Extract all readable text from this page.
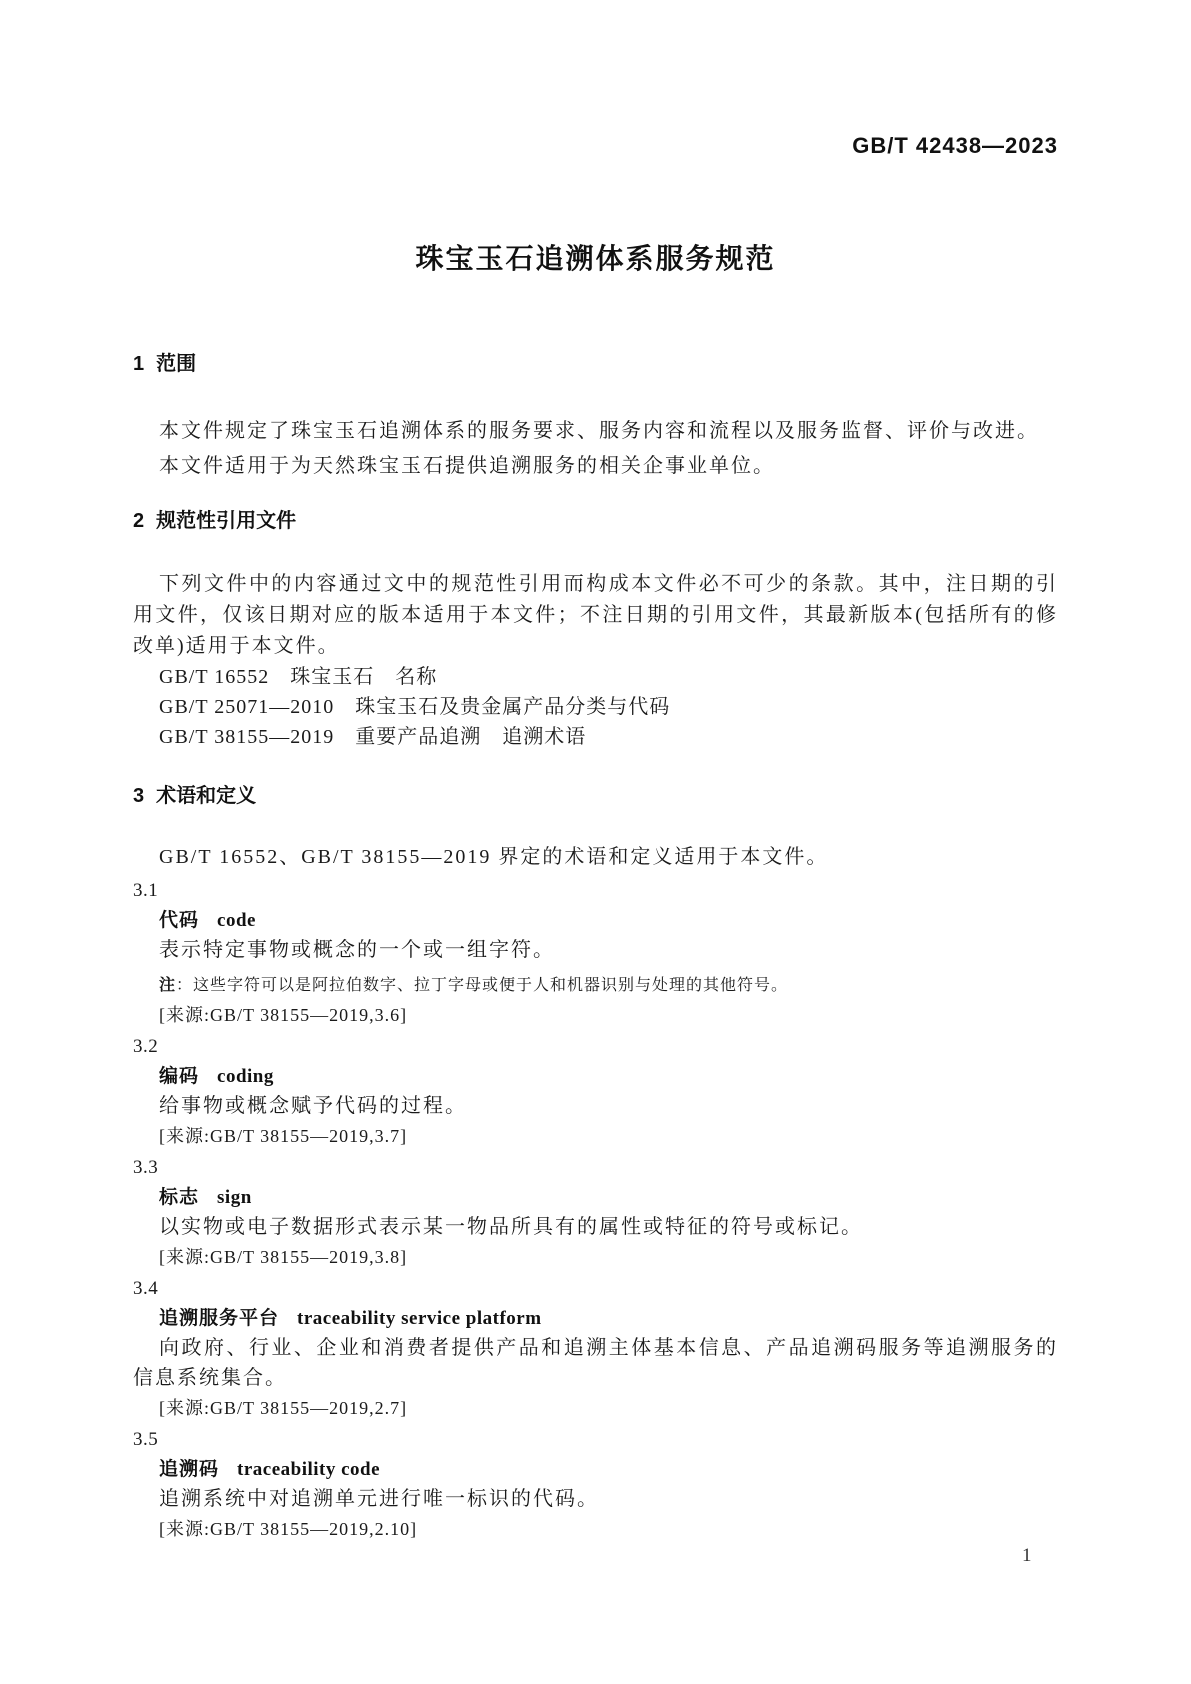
GB/T 42438—2023
珠宝玉石追溯体系服务规范
1 范围

本文件规定了珠宝玉石追溯体系的服务要求、服务内容和流程以及服务监督、评价与改进。

本文件适用于为天然珠宝玉石提供追溯服务的相关企事业单位。

2 规范性引用文件

下列文件中的内容通过文中的规范性引用而构成本文件必不可少的条款。其中，注日期的引用文件，仅该日期对应的版本适用于本文件；不注日期的引用文件，其最新版本(包括所有的修改单)适用于本文件。

GB/T 16552　珠宝玉石　名称

GB/T 25071—2010　珠宝玉石及贵金属产品分类与代码

GB/T 38155—2019　重要产品追溯　追溯术语

3 术语和定义

GB/T 16552、GB/T 38155—2019 界定的术语和定义适用于本文件。

3.1
代码 code

表示特定事物或概念的一个或一组字符。

注：这些字符可以是阿拉伯数字、拉丁字母或便于人和机器识别与处理的其他符号。

[来源:GB/T 38155—2019,3.6]

3.2
编码 coding

给事物或概念赋予代码的过程。

[来源:GB/T 38155—2019,3.7]

3.3
标志 sign

以实物或电子数据形式表示某一物品所具有的属性或特征的符号或标记。

[来源:GB/T 38155—2019,3.8]

3.4
追溯服务平台 traceability service platform

向政府、行业、企业和消费者提供产品和追溯主体基本信息、产品追溯码服务等追溯服务的信息系统集合。

[来源:GB/T 38155—2019,2.7]

3.5
追溯码 traceability code

追溯系统中对追溯单元进行唯一标识的代码。

[来源:GB/T 38155—2019,2.10]

1
